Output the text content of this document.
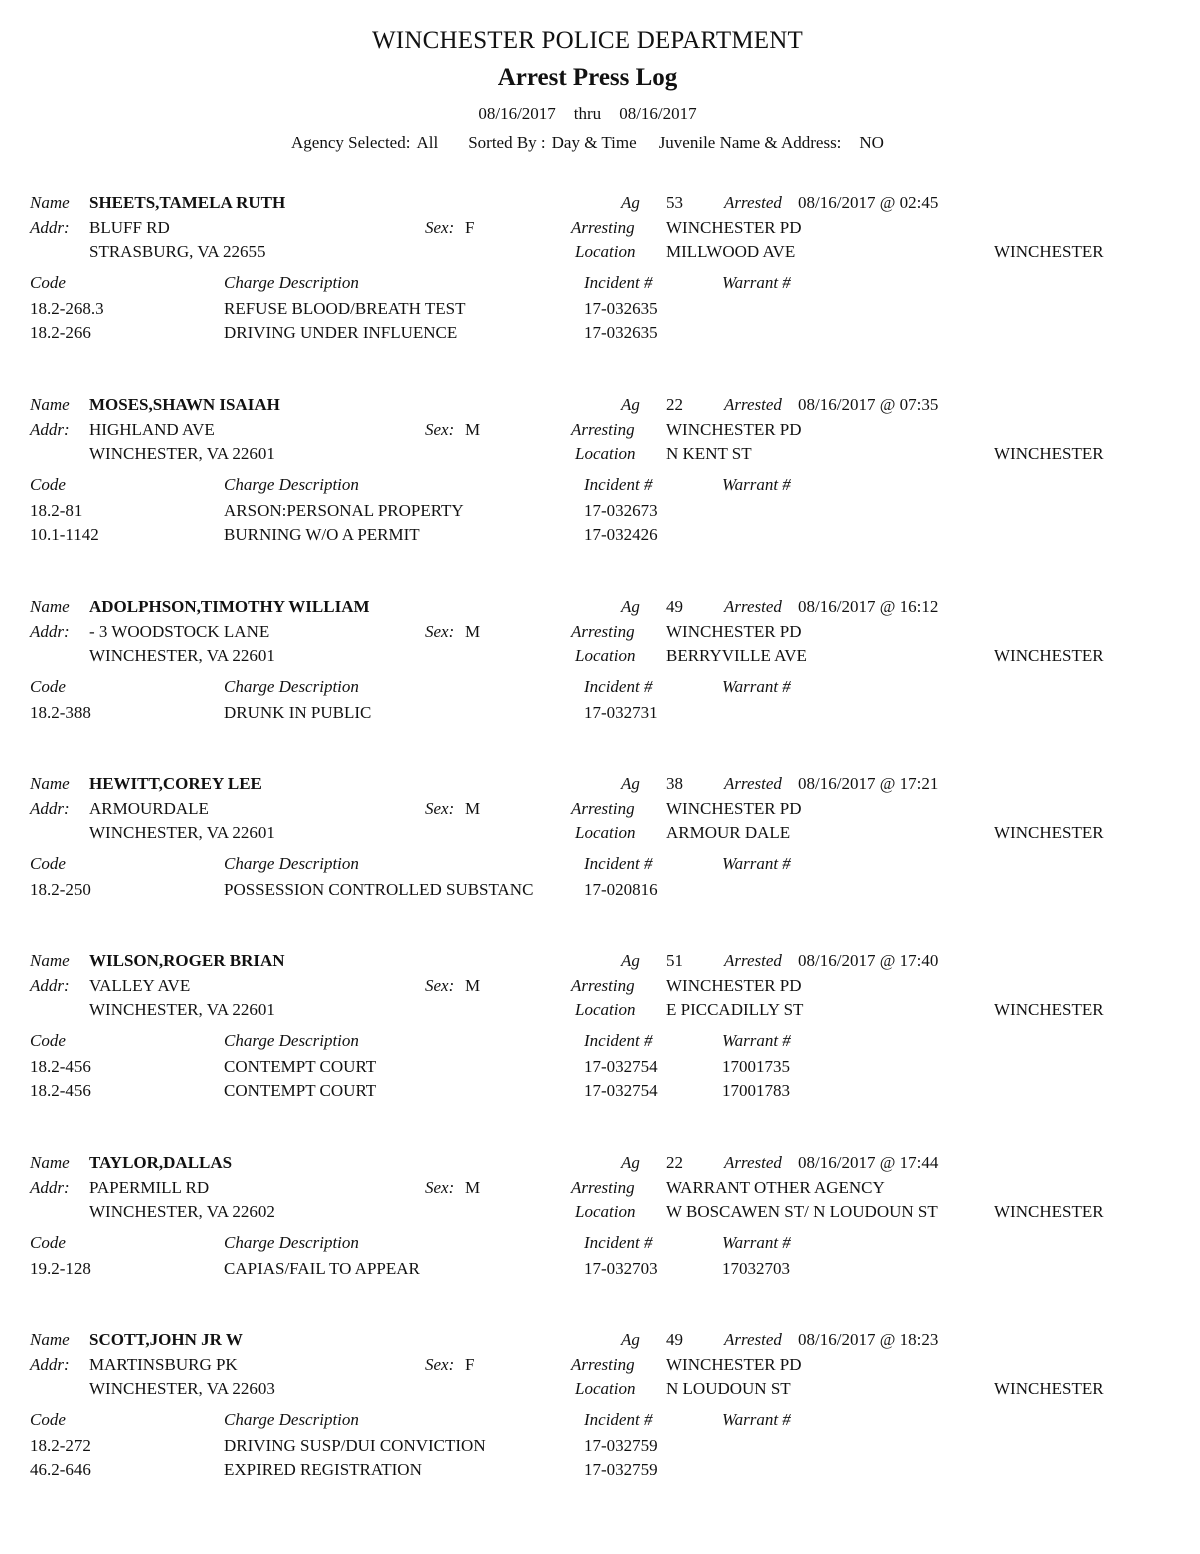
WINCHESTER POLICE DEPARTMENT
Arrest Press Log
08/16/2017 thru 08/16/2017
Agency Selected: All Sorted By : Day & Time Juvenile Name & Address: NO
Name SHEETS,TAMELA RUTH	Ag 53 Arrested 08/16/2017 @ 02:45
Addr: BLUFF RD	Sex: F	Arresting WINCHESTER PD
STRASBURG, VA 22655	Location MILLWOOD AVE	WINCHESTER
Code	Charge Description	Incident #	Warrant #
18.2-268.3	REFUSE BLOOD/BREATH TEST	17-032635
18.2-266	DRIVING UNDER INFLUENCE	17-032635
Name MOSES,SHAWN ISAIAH	Ag 22 Arrested 08/16/2017 @ 07:35
Addr: HIGHLAND AVE	Sex: M	Arresting WINCHESTER PD
WINCHESTER, VA 22601	Location N KENT ST	WINCHESTER
Code	Charge Description	Incident #	Warrant #
18.2-81	ARSON:PERSONAL PROPERTY	17-032673
10.1-1142	BURNING W/O A PERMIT	17-032426
Name ADOLPHSON,TIMOTHY WILLIAM	Ag 49 Arrested 08/16/2017 @ 16:12
Addr: - 3 WOODSTOCK LANE	Sex: M	Arresting WINCHESTER PD
WINCHESTER, VA 22601	Location BERRYVILLE AVE	WINCHESTER
Code	Charge Description	Incident #	Warrant #
18.2-388	DRUNK IN PUBLIC	17-032731
Name HEWITT,COREY LEE	Ag 38 Arrested 08/16/2017 @ 17:21
Addr: ARMOURDALE	Sex: M	Arresting WINCHESTER PD
WINCHESTER, VA 22601	Location ARMOUR DALE	WINCHESTER
Code	Charge Description	Incident #	Warrant #
18.2-250	POSSESSION CONTROLLED SUBSTANC	17-020816
Name WILSON,ROGER BRIAN	Ag 51 Arrested 08/16/2017 @ 17:40
Addr: VALLEY AVE	Sex: M	Arresting WINCHESTER PD
WINCHESTER, VA 22601	Location E PICCADILLY ST	WINCHESTER
Code	Charge Description	Incident #	Warrant #
18.2-456	CONTEMPT COURT	17-032754	17001735
18.2-456	CONTEMPT COURT	17-032754	17001783
Name TAYLOR,DALLAS	Ag 22 Arrested 08/16/2017 @ 17:44
Addr: PAPERMILL RD	Sex: M	Arresting WARRANT OTHER AGENCY
WINCHESTER, VA 22602	Location W BOSCAWEN ST/ N LOUDOUN ST	WINCHESTER
Code	Charge Description	Incident #	Warrant #
19.2-128	CAPIAS/FAIL TO APPEAR	17-032703	17032703
Name SCOTT,JOHN JR W	Ag 49 Arrested 08/16/2017 @ 18:23
Addr: MARTINSBURG PK	Sex: F	Arresting WINCHESTER PD
WINCHESTER, VA 22603	Location N LOUDOUN ST	WINCHESTER
Code	Charge Description	Incident #	Warrant #
18.2-272	DRIVING SUSP/DUI CONVICTION	17-032759
46.2-646	EXPIRED REGISTRATION	17-032759
